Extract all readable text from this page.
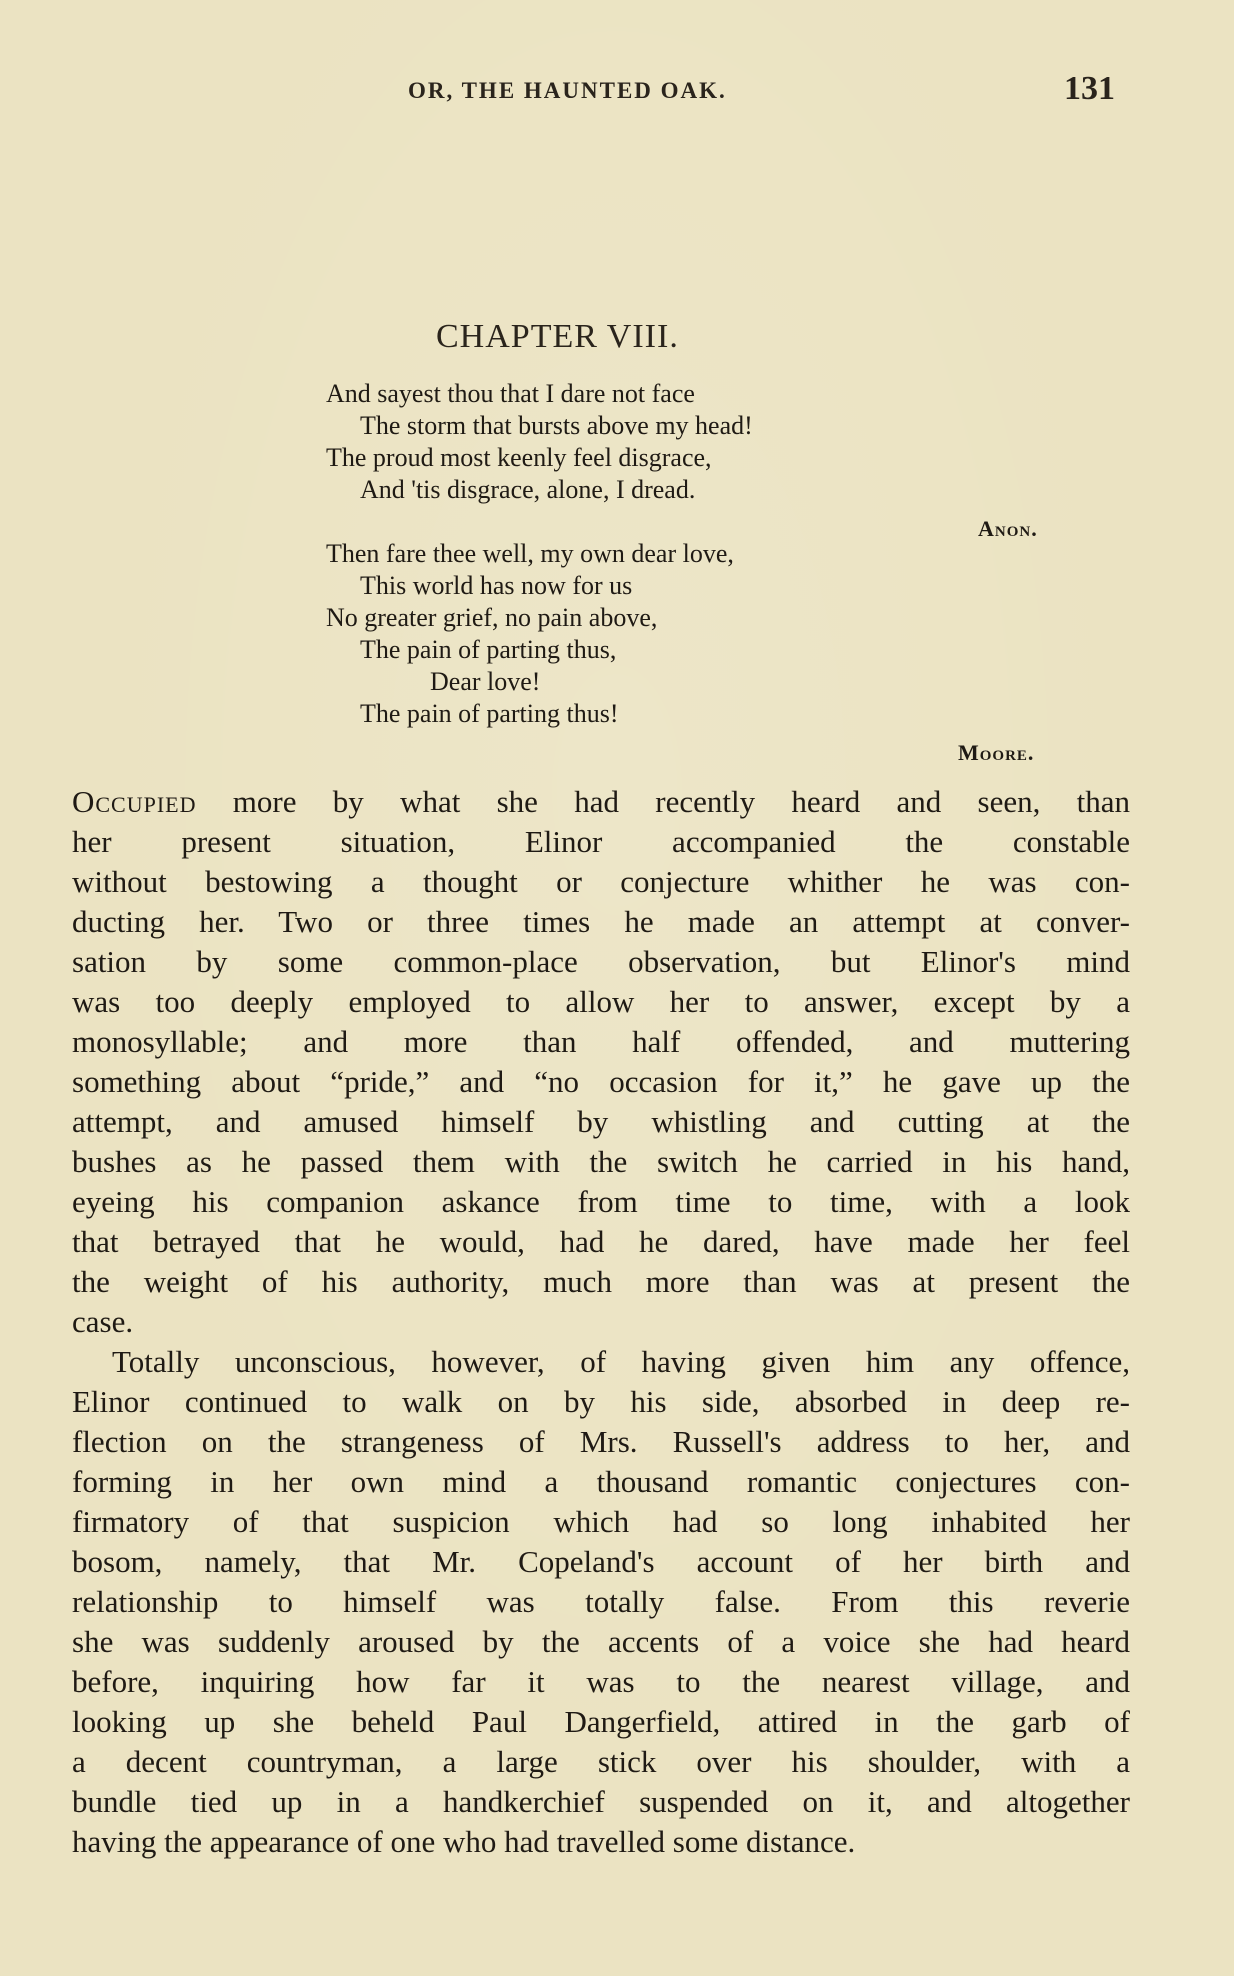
OR, THE HAUNTED OAK.	131
CHAPTER VIII.
And sayest thou that I dare not face
The storm that bursts above my head!
The proud most keenly feel disgrace,
And 'tis disgrace, alone, I dread.
Anon.
Then fare thee well, my own dear love,
This world has now for us
No greater grief, no pain above,
The pain of parting thus,
Dear love!
The pain of parting thus!
Moore.

Occupied more by what she had recently heard and seen, than
her present situation, Elinor accompanied the constable
without bestowing a thought or conjecture whither he was con-
ducting her. Two or three times he made an attempt at conver-
sation by some common-place observation, but Elinor's mind
was too deeply employed to allow her to answer, except by a
monosyllable; and more than half offended, and muttering
something about “pride,” and “no occasion for it,” he gave up the
attempt, and amused himself by whistling and cutting at the
bushes as he passed them with the switch he carried in his hand,
eyeing his companion askance from time to time, with a look
that betrayed that he would, had he dared, have made her feel
the weight of his authority, much more than was at present the
case.

Totally unconscious, however, of having given him any offence,
Elinor continued to walk on by his side, absorbed in deep re-
flection on the strangeness of Mrs. Russell's address to her, and
forming in her own mind a thousand romantic conjectures con-
firmatory of that suspicion which had so long inhabited her
bosom, namely, that Mr. Copeland's account of her birth and
relationship to himself was totally false. From this reverie
she was suddenly aroused by the accents of a voice she had heard
before, inquiring how far it was to the nearest village, and
looking up she beheld Paul Dangerfield, attired in the garb of
a decent countryman, a large stick over his shoulder, with a
bundle tied up in a handkerchief suspended on it, and altogether
having the appearance of one who had travelled some distance.
